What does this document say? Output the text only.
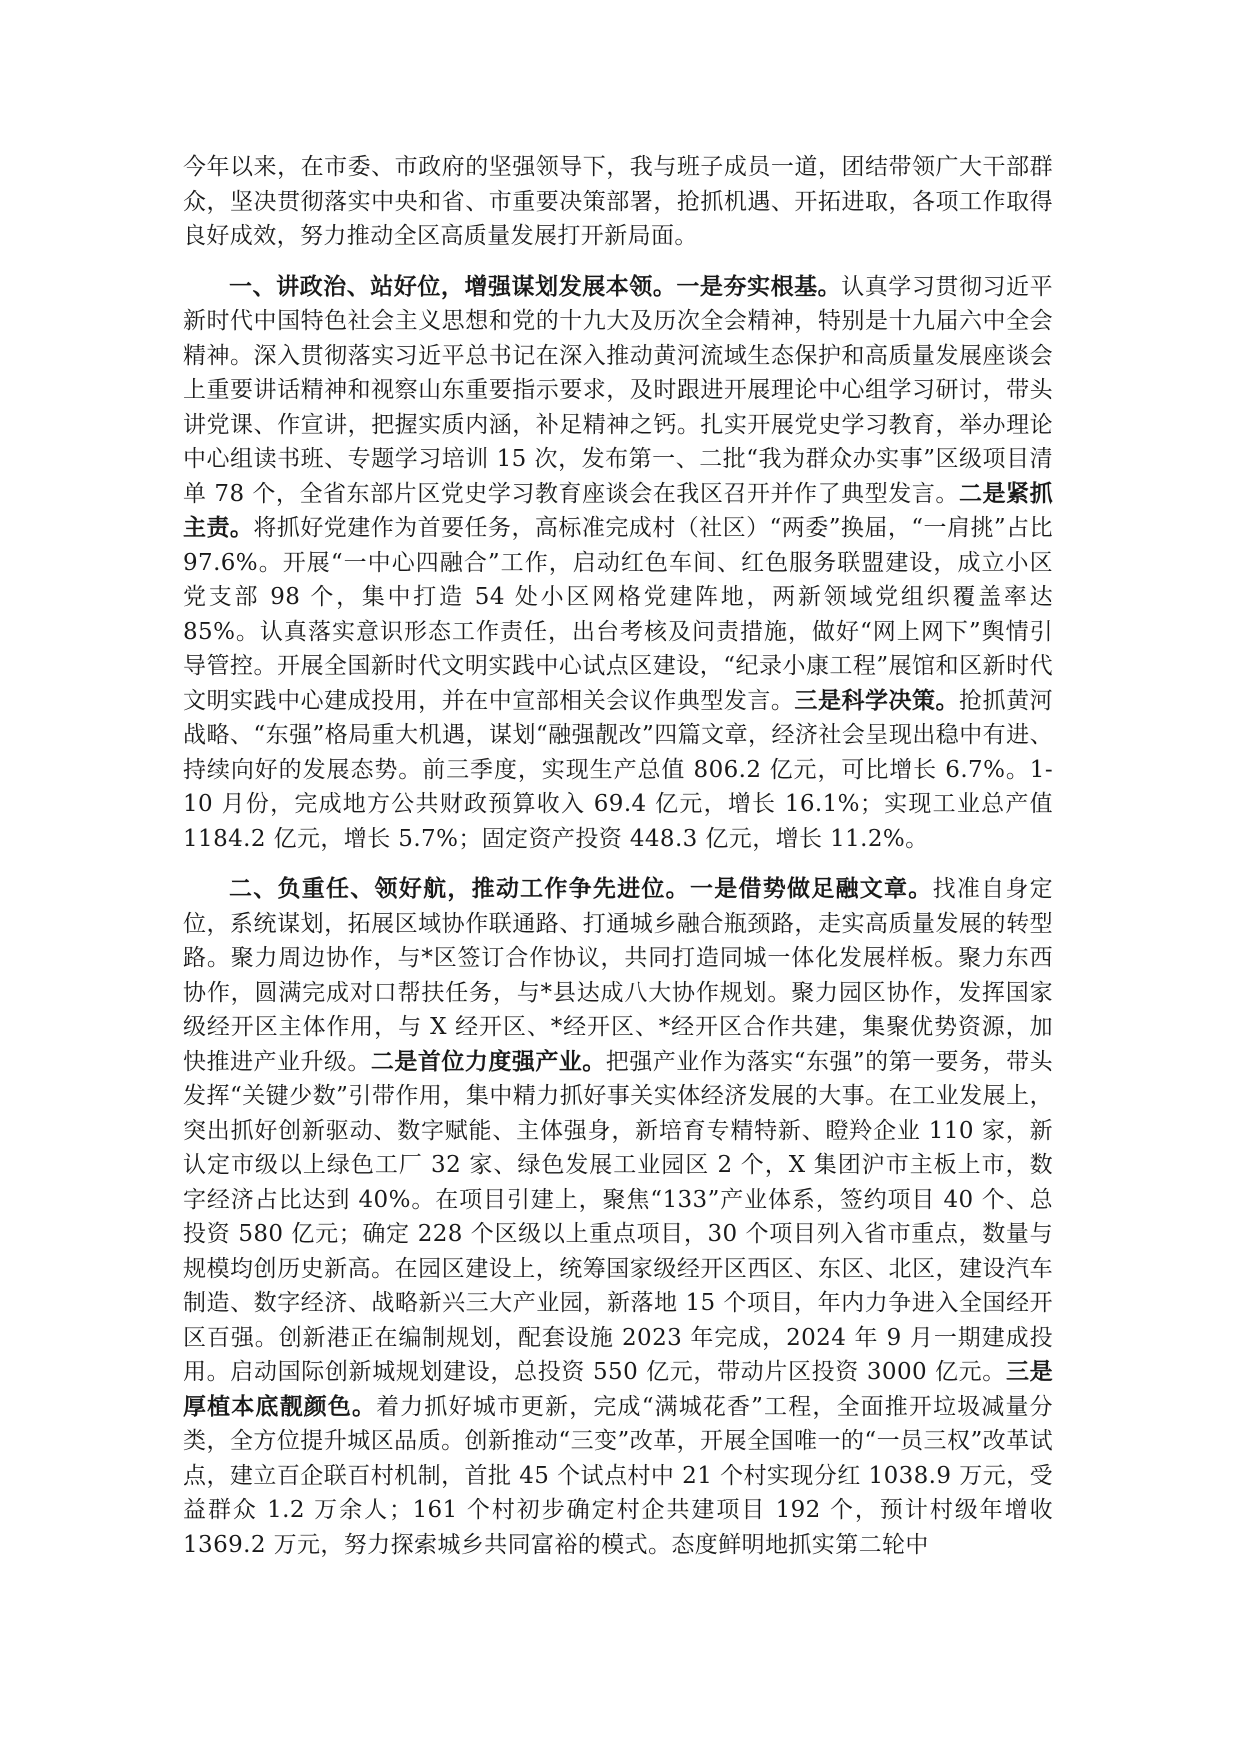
今年以来，在市委、市政府的坚强领导下，我与班子成员一道，团结带领广大干部群众，坚决贯彻落实中央和省、市重要决策部署，抢抓机遇、开拓进取，各项工作取得良好成效，努力推动全区高质量发展打开新局面。

一、讲政治、站好位，增强谋划发展本领。一是夯实根基。认真学习贯彻习近平新时代中国特色社会主义思想和党的十九大及历次全会精神，特别是十九届六中全会精神。深入贯彻落实习近平总书记在深入推动黄河流域生态保护和高质量发展座谈会上重要讲话精神和视察山东重要指示要求，及时跟进开展理论中心组学习研讨，带头讲党课、作宣讲，把握实质内涵，补足精神之钙。扎实开展党史学习教育，举办理论中心组读书班、专题学习培训 15 次，发布第一、二批“我为群众办实事”区级项目清单 78 个，全省东部片区党史学习教育座谈会在我区召开并作了典型发言。二是紧抓主责。将抓好党建作为首要任务，高标准完成村（社区）“两委”换届，“一肩挑”占比 97.6%。开展“一中心四融合”工作，启动红色车间、红色服务联盟建设，成立小区党支部 98 个，集中打造 54 处小区网格党建阵地，两新领域党组织覆盖率达 85%。认真落实意识形态工作责任，出台考核及问责措施，做好“网上网下”舆情引导管控。开展全国新时代文明实践中心试点区建设，“纪录小康工程”展馆和区新时代文明实践中心建成投用，并在中宣部相关会议作典型发言。三是科学决策。抢抓黄河战略、“东强”格局重大机遇，谋划“融强靓改”四篇文章，经济社会呈现出稳中有进、持续向好的发展态势。前三季度，实现生产总值 806.2 亿元，可比增长 6.7%。1-10 月份，完成地方公共财政预算收入 69.4 亿元，增长 16.1%；实现工业总产值 1184.2 亿元，增长 5.7%；固定资产投资 448.3 亿元，增长 11.2%。

二、负重任、领好航，推动工作争先进位。一是借势做足融文章。找准自身定位，系统谋划，拓展区域协作联通路、打通城乡融合瓶颈路，走实高质量发展的转型路。聚力周边协作，与*区签订合作协议，共同打造同城一体化发展样板。聚力东西协作，圆满完成对口帮扶任务，与*县达成八大协作规划。聚力园区协作，发挥国家级经开区主体作用，与 X 经开区、*经开区、*经开区合作共建，集聚优势资源，加快推进产业升级。二是首位力度强产业。把强产业作为落实“东强”的第一要务，带头发挥“关键少数”引带作用，集中精力抓好事关实体经济发展的大事。在工业发展上，突出抓好创新驱动、数字赋能、主体强身，新培育专精特新、瞪羚企业 110 家，新认定市级以上绿色工厂 32 家、绿色发展工业园区 2 个，X 集团沪市主板上市，数字经济占比达到 40%。在项目引建上，聚焦“133”产业体系，签约项目 40 个、总投资 580 亿元；确定 228 个区级以上重点项目，30 个项目列入省市重点，数量与规模均创历史新高。在园区建设上，统筹国家级经开区西区、东区、北区，建设汽车制造、数字经济、战略新兴三大产业园，新落地 15 个项目，年内力争进入全国经开区百强。创新港正在编制规划，配套设施 2023 年完成，2024 年 9 月一期建成投用。启动国际创新城规划建设，总投资 550 亿元，带动片区投资 3000 亿元。三是厚植本底靓颜色。着力抓好城市更新，完成“满城花香”工程，全面推开垃圾减量分类，全方位提升城区品质。创新推动“三变”改革，开展全国唯一的“一员三权”改革试点，建立百企联百村机制，首批 45 个试点村中 21 个村实现分红 1038.9 万元，受益群众 1.2 万余人；161 个村初步确定村企共建项目 192 个，预计村级年增收 1369.2 万元，努力探索城乡共同富裕的模式。态度鲜明地抓实第二轮中
